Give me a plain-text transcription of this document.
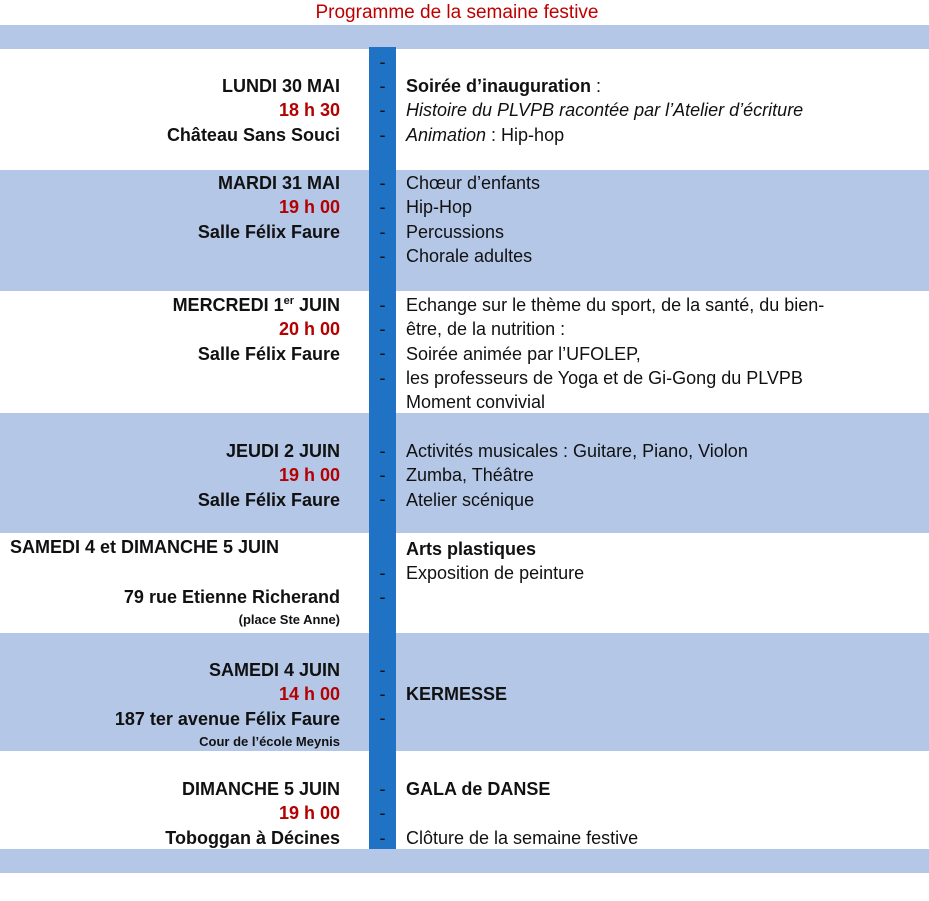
Programme de la semaine festive
LUNDI 30 MAI
18 h 30
Château Sans Souci
Soirée d’inauguration :
Histoire du PLVPB racontée par l’Atelier d’écriture
Animation : Hip-hop
MARDI 31 MAI
19 h 00
Salle Félix Faure
Chœur d’enfants
Hip-Hop
Percussions
Chorale adultes
MERCREDI 1er JUIN
20 h 00
Salle Félix Faure
Echange sur le thème du sport, de la santé, du bien-
être, de la nutrition :
Soirée animée par l’UFOLEP,
les professeurs de Yoga et de Gi-Gong du PLVPB
Moment convivial
JEUDI 2 JUIN
19 h 00
Salle Félix Faure
Activités musicales : Guitare, Piano, Violon
Zumba, Théâtre
Atelier scénique
SAMEDI 4 et DIMANCHE 5 JUIN
79 rue Etienne Richerand
(place Ste Anne)
Arts plastiques
Exposition de peinture
SAMEDI 4 JUIN
14 h 00
187 ter avenue Félix Faure
Cour de l’école Meynis
KERMESSE
DIMANCHE 5 JUIN
19 h 00
Toboggan à Décines
GALA de DANSE
Clôture de la semaine festive
-
-
-
-
-
-
-
-
-
-
-
-
-
-
-
-
-
-
-
-
-
-
-
